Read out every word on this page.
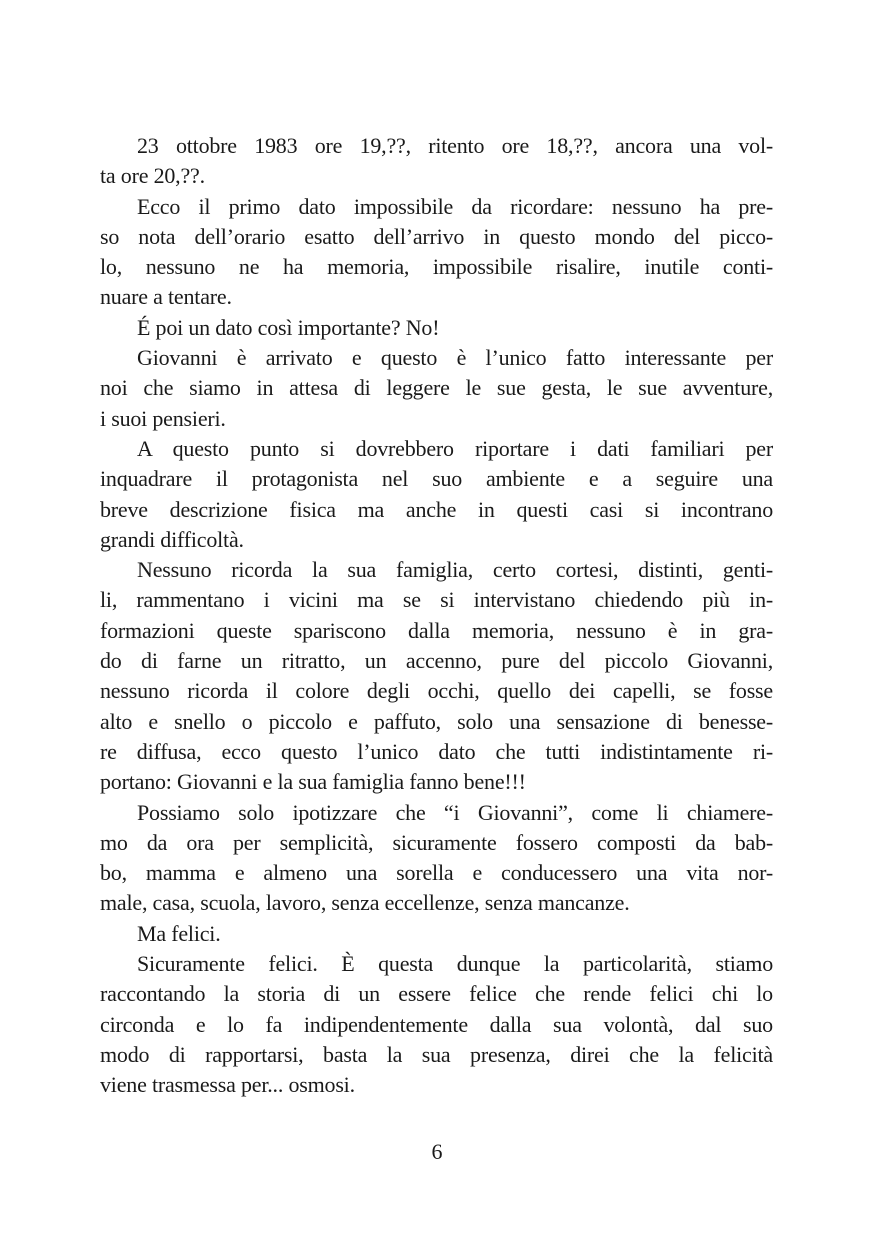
23 ottobre 1983 ore 19,??, ritento ore 18,??, ancora una vol-
ta ore 20,??.
Ecco il primo dato impossibile da ricordare: nessuno ha pre-
so nota dell’orario esatto dell’arrivo in questo mondo del picco-
lo, nessuno ne ha memoria, impossibile risalire, inutile conti-
nuare a tentare.
É poi un dato così importante? No!
Giovanni è arrivato e questo è l’unico fatto interessante per
noi che siamo in attesa di leggere le sue gesta, le sue avventure,
i suoi pensieri.
A questo punto si dovrebbero riportare i dati familiari per
inquadrare il protagonista nel suo ambiente e a seguire una
breve descrizione fisica ma anche in questi casi si incontrano
grandi difficoltà.
Nessuno ricorda la sua famiglia, certo cortesi, distinti, genti-
li, rammentano i vicini ma se si intervistano chiedendo più in-
formazioni queste spariscono dalla memoria, nessuno è in gra-
do di farne un ritratto, un accenno, pure del piccolo Giovanni,
nessuno ricorda il colore degli occhi, quello dei capelli, se fosse
alto e snello o piccolo e paffuto, solo una sensazione di benesse-
re diffusa, ecco questo l’unico dato che tutti indistintamente ri-
portano: Giovanni e la sua famiglia fanno bene!!!
Possiamo solo ipotizzare che “i Giovanni”, come li chiamere-
mo da ora per semplicità, sicuramente fossero composti da bab-
bo, mamma e almeno una sorella e conducessero una vita nor-
male, casa, scuola, lavoro, senza eccellenze, senza mancanze.
Ma felici.
Sicuramente felici. È questa dunque la particolarità, stiamo
raccontando la storia di un essere felice che rende felici chi lo
circonda e lo fa indipendentemente dalla sua volontà, dal suo
modo di rapportarsi, basta la sua presenza, direi che la felicità
viene trasmessa per... osmosi.
6
